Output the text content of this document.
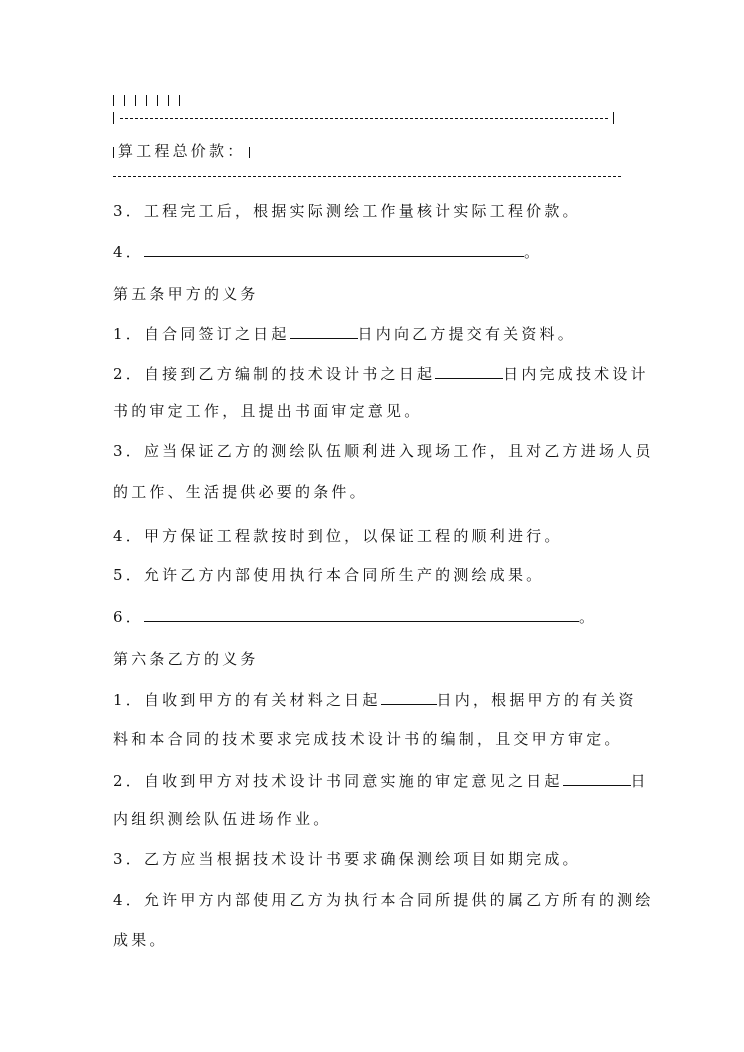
算工程总价款：
3．工程完工后，根据实际测绘工作量核计实际工程价款。
4．	。
第五条甲方的义务
1．自合同签订之日起	日内向乙方提交有关资料。
2．自接到乙方编制的技术设计书之日起	日内完成技术设计
书的审定工作，且提出书面审定意见。
3．应当保证乙方的测绘队伍顺利进入现场工作，且对乙方进场人员
的工作、生活提供必要的条件。
4．甲方保证工程款按时到位，以保证工程的顺利进行。
5．允许乙方内部使用执行本合同所生产的测绘成果。
6．	。
第六条乙方的义务
1．自收到甲方的有关材料之日起	日内，根据甲方的有关资
料和本合同的技术要求完成技术设计书的编制，且交甲方审定。
2．自收到甲方对技术设计书同意实施的审定意见之日起	日
内组织测绘队伍进场作业。
3．乙方应当根据技术设计书要求确保测绘项目如期完成。
4．允许甲方内部使用乙方为执行本合同所提供的属乙方所有的测绘
成果。
